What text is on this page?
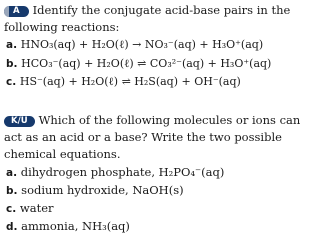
A Identify the conjugate acid-base pairs in the
following reactions:
a. HNO₃(aq) + H₂O(ℓ) → NO₃⁻(aq) + H₃O⁺(aq)
b. HCO₃⁻(aq) + H₂O(ℓ) ⇌ CO₃²⁻(aq) + H₃O⁺(aq)
c. HS⁻(aq) + H₂O(ℓ) ⇌ H₂S(aq) + OH⁻(aq)
K/U Which of the following molecules or ions can
act as an acid or a base? Write the two possible
chemical equations.
a. dihydrogen phosphate, H₂PO₄⁻(aq)
b. sodium hydroxide, NaOH(s)
c. water
d. ammonia, NH₃(aq)
